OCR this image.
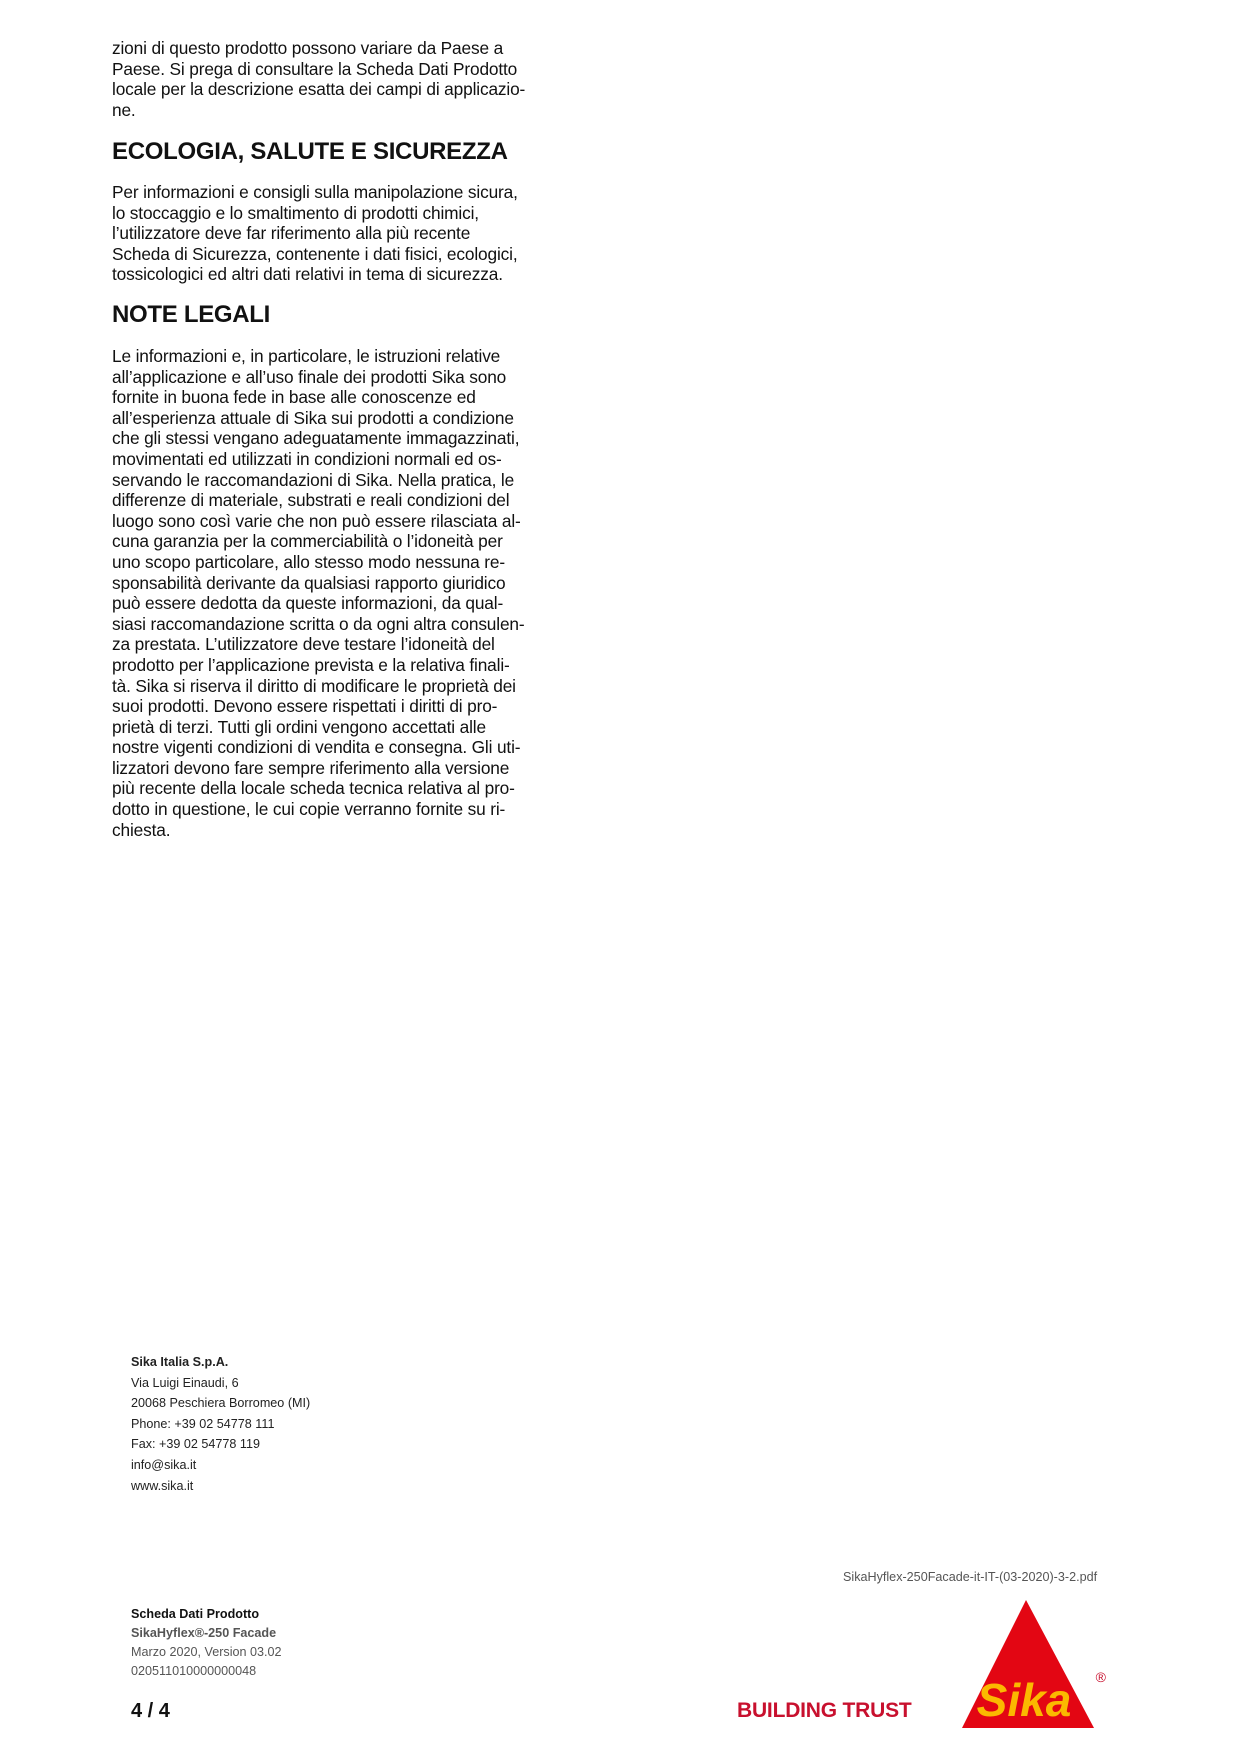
zioni di questo prodotto possono variare da Paese a
Paese. Si prega di consultare la Scheda Dati Prodotto
locale per la descrizione esatta dei campi di applicazio-
ne.

ECOLOGIA, SALUTE E SICUREZZA

Per informazioni e consigli sulla manipolazione sicura,
lo stoccaggio e lo smaltimento di prodotti chimici,
l’utilizzatore deve far riferimento alla più recente
Scheda di Sicurezza, contenente i dati fisici, ecologici,
tossicologici ed altri dati relativi in tema di sicurezza.

NOTE LEGALI

Le informazioni e, in particolare, le istruzioni relative
all’applicazione e all’uso finale dei prodotti Sika sono
fornite in buona fede in base alle conoscenze ed
all’esperienza attuale di Sika sui prodotti a condizione
che gli stessi vengano adeguatamente immagazzinati,
movimentati ed utilizzati in condizioni normali ed os-
servando le raccomandazioni di Sika. Nella pratica, le
differenze di materiale, substrati e reali condizioni del
luogo sono così varie che non può essere rilasciata al-
cuna garanzia per la commerciabilità o l’idoneità per
uno scopo particolare, allo stesso modo nessuna re-
sponsabilità derivante da qualsiasi rapporto giuridico
può essere dedotta da queste informazioni, da qual-
siasi raccomandazione scritta o da ogni altra consulen-
za prestata. L’utilizzatore deve testare l’idoneità del
prodotto per l’applicazione prevista e la relativa finali-
tà. Sika si riserva il diritto di modificare le proprietà dei
suoi prodotti. Devono essere rispettati i diritti di pro-
prietà di terzi. Tutti gli ordini vengono accettati alle
nostre vigenti condizioni di vendita e consegna. Gli uti-
lizzatori devono fare sempre riferimento alla versione
più recente della locale scheda tecnica relativa al pro-
dotto in questione, le cui copie verranno fornite su ri-
chiesta.

Sika Italia S.p.A.
Via Luigi Einaudi, 6
20068 Peschiera Borromeo (MI)
Phone: +39 02 54778 111
Fax: +39 02 54778 119
info@sika.it
www.sika.it
SikaHyflex-250Facade-it-IT-(03-2020)-3-2.pdf
Scheda Dati Prodotto
SikaHyflex®-250 Facade
Marzo 2020, Version 03.02
020511010000000048
4 / 4	BUILDING TRUST Sika ®
